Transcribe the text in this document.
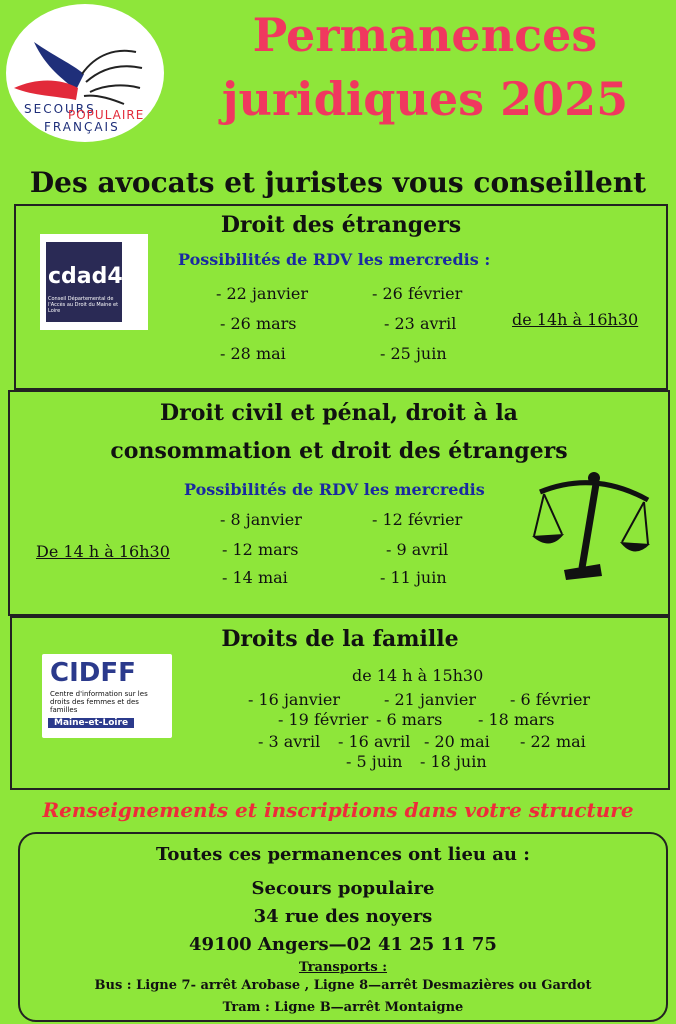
SECOURS
POPULAIRE
FRANÇAIS
Permanences
juridiques 2025
Des avocats et juristes vous conseillent
Droit des étrangers
cdad49
Conseil Départemental de l'Accès au Droit du Maine et Loire
Possibilités de RDV les mercredis :
- 22 janvier	- 26 février
- 26 mars	- 23 avril
- 28 mai	- 25 juin
de 14h à 16h30
Droit civil et pénal, droit à la
consommation et droit des étrangers
Possibilités de RDV les mercredis
- 8 janvier	- 12 février
- 12 mars	- 9 avril
- 14 mai	- 11 juin
De 14 h à 16h30
Droits de la famille
CIDFF
Centre d'information sur les droits des femmes et des familles
Maine-et-Loire
de 14 h à 15h30
- 16 janvier	- 21 janvier - 6 février
- 19 février - 6 mars - 18 mars
- 3 avril - 16 avril - 20 mai - 22 mai
- 5 juin - 18 juin
Renseignements et inscriptions dans votre structure
Toutes ces permanences ont lieu au :
Secours populaire
34 rue des noyers
49100 Angers—02 41 25 11 75
Transports :
Bus : Ligne 7- arrêt Arobase , Ligne 8—arrêt Desmazières ou Gardot
Tram : Ligne B—arrêt Montaigne
